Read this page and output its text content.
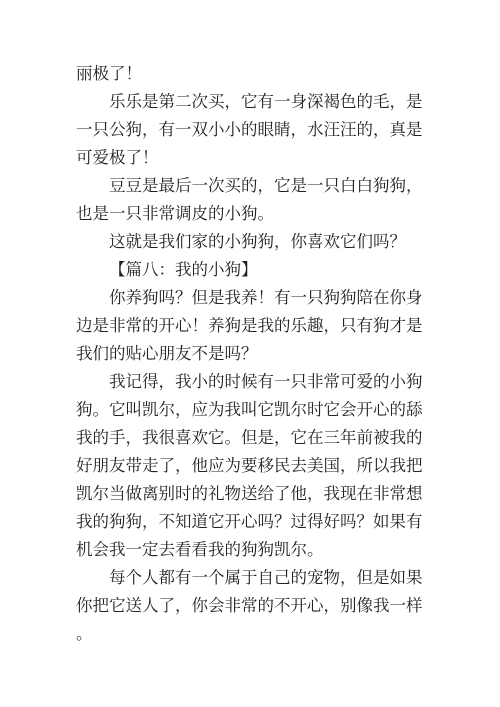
丽极了！

乐乐是第二次买，它有一身深褐色的毛，是一只公狗，有一双小小的眼睛，水汪汪的，真是可爱极了！

豆豆是最后一次买的，它是一只白白狗狗，也是一只非常调皮的小狗。

这就是我们家的小狗狗，你喜欢它们吗？

【篇八：我的小狗】

你养狗吗？但是我养！有一只狗狗陪在你身边是非常的开心！养狗是我的乐趣，只有狗才是我们的贴心朋友不是吗？

我记得，我小的时候有一只非常可爱的小狗狗。它叫凯尔，应为我叫它凯尔时它会开心的舔我的手，我很喜欢它。但是，它在三年前被我的好朋友带走了，他应为要移民去美国，所以我把凯尔当做离别时的礼物送给了他，我现在非常想我的狗狗，不知道它开心吗？过得好吗？如果有机会我一定去看看我的狗狗凯尔。

每个人都有一个属于自己的宠物，但是如果你把它送人了，你会非常的不开心，别像我一样。
